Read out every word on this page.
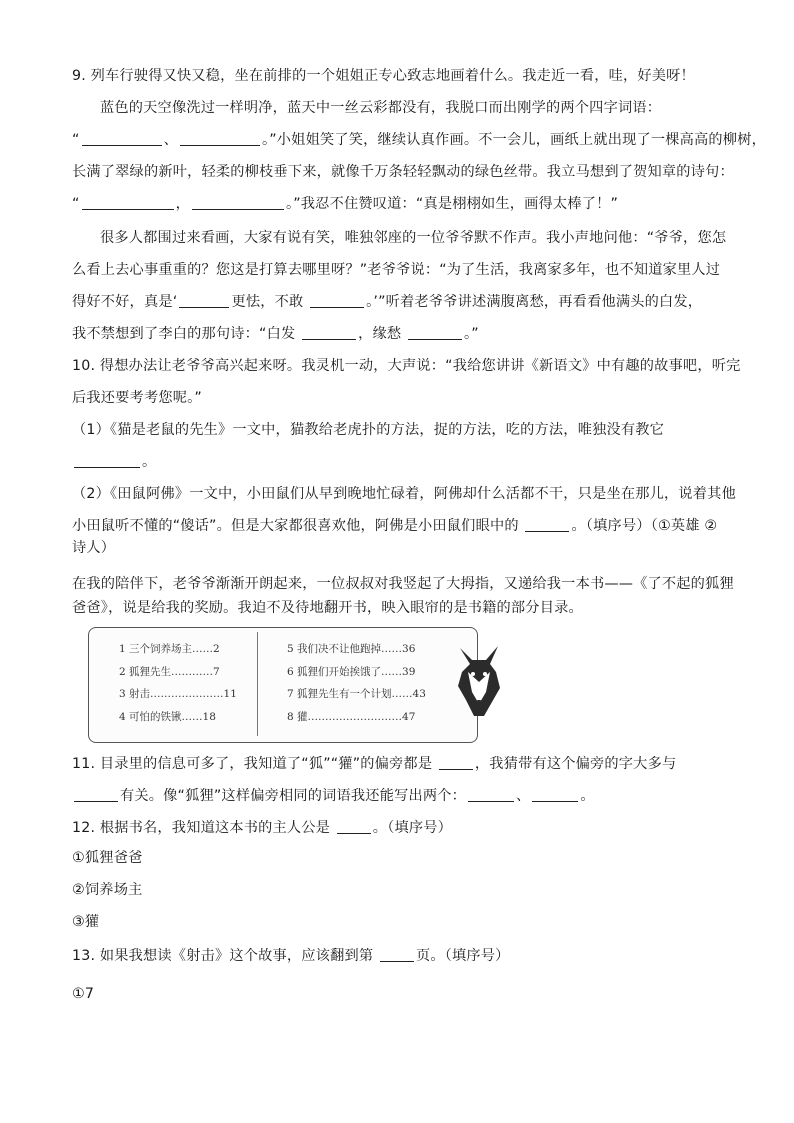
9. 列车行驶得又快又稳，坐在前排的一个姐姐正专心致志地画着什么。我走近一看，哇，好美呀！
蓝色的天空像洗过一样明净，蓝天中一丝云彩都没有，我脱口而出刚学的两个四字词语：
“	、	。”小姐姐笑了笑，继续认真作画。不一会儿，画纸上就出现了一棵高高的柳树，
长满了翠绿的新叶，轻柔的柳枝垂下来，就像千万条轻轻飘动的绿色丝带。我立马想到了贺知章的诗句：
“	，	。”我忍不住赞叹道：“真是栩栩如生，画得太棒了！”
很多人都围过来看画，大家有说有笑，唯独邻座的一位爷爷默不作声。我小声地问他：“爷爷，您怎
么看上去心事重重的？您这是打算去哪里呀？”老爷爷说：“为了生活，我离家多年，也不知道家里人过
得好不好，真是‘	更怯，不敢	。’”听着老爷爷讲述满腹离愁，再看看他满头的白发，
我不禁想到了李白的那句诗：“白发	，缘愁	。”
10. 得想办法让老爷爷高兴起来呀。我灵机一动，大声说：“我给您讲讲《新语文》中有趣的故事吧，听完
后我还要考考您呢。”
（1）《猫是老鼠的先生》一文中，猫教给老虎扑的方法，捉的方法，吃的方法，唯独没有教它
。
（2）《田鼠阿佛》一文中，小田鼠们从早到晚地忙碌着，阿佛却什么活都不干，只是坐在那儿，说着其他
小田鼠听不懂的“傻话”。但是大家都很喜欢他，阿佛是小田鼠们眼中的	。（填序号）（①英雄 ②
诗人）
在我的陪伴下，老爷爷渐渐开朗起来，一位叔叔对我竖起了大拇指，又递给我一本书——《了不起的狐狸
爸爸》，说是给我的奖励。我迫不及待地翻开书，映入眼帘的是书籍的部分目录。
1 三个饲养场主……2
2 狐狸先生…………7
3 射击…………………11
4 可怕的铁锹……18
5 我们决不让他跑掉……36
6 狐狸们开始挨饿了……39
7 狐狸先生有一个计划……43
8 獾………………………47
11. 目录里的信息可多了，我知道了“狐”“獾”的偏旁都是	，我猜带有这个偏旁的字大多与
有关。像“狐狸”这样偏旁相同的词语我还能写出两个：	、	。
12. 根据书名，我知道这本书的主人公是	。（填序号）
①狐狸爸爸
②饲养场主
③獾
13. 如果我想读《射击》这个故事，应该翻到第	页。（填序号）
①7
